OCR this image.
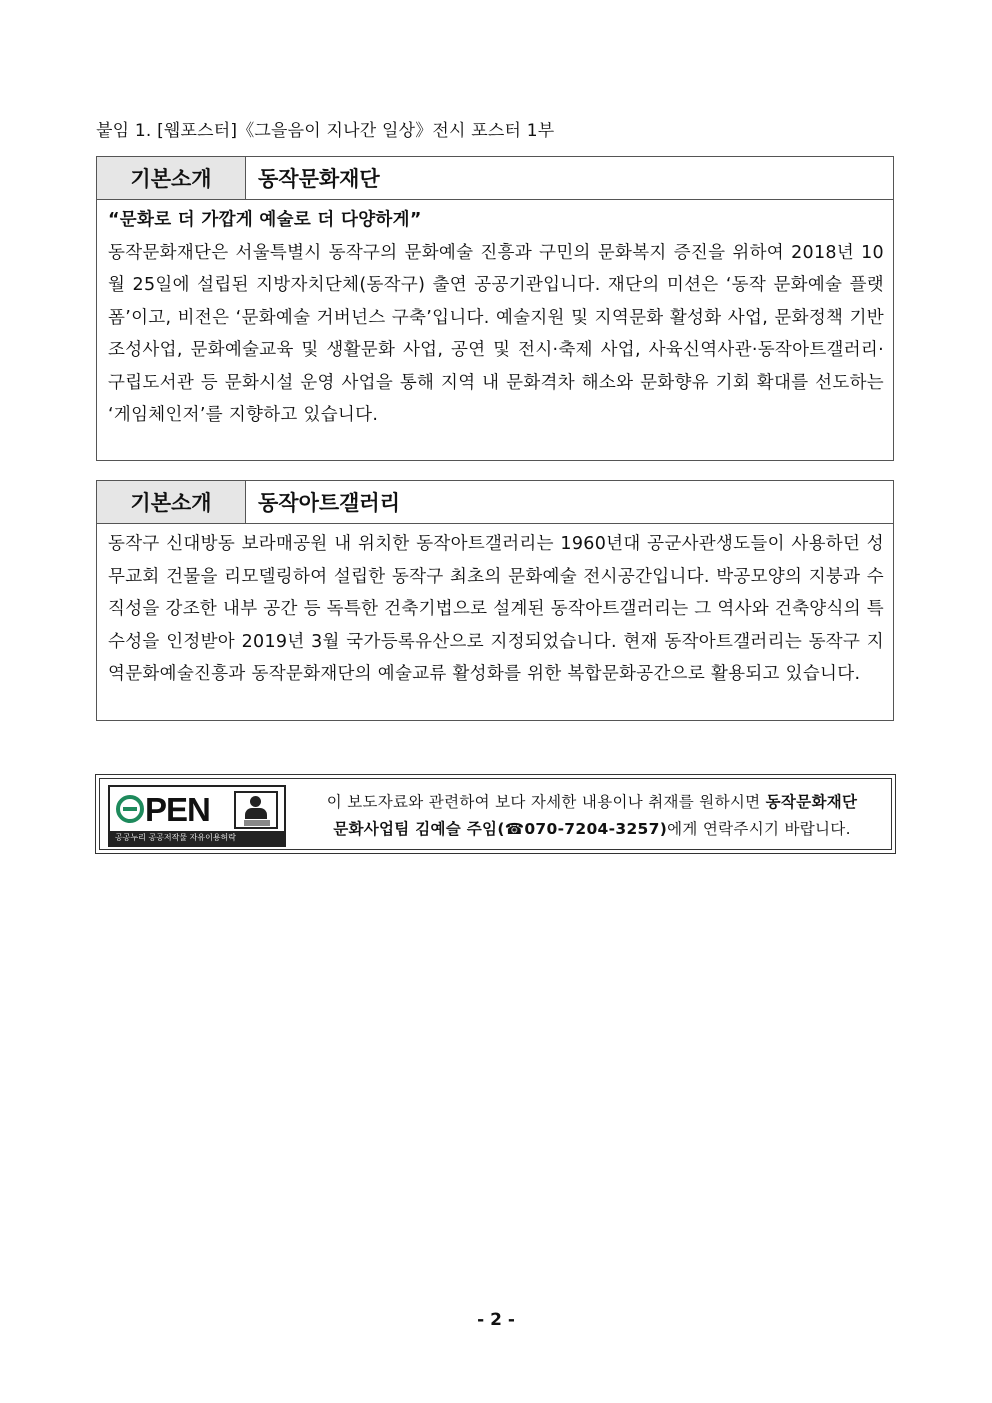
붙임 1. [웹포스터]《그을음이 지나간 일상》전시 포스터 1부
기본소개	동작문화재단
“문화로 더 가깝게 예술로 더 다양하게”
동작문화재단은 서울특별시 동작구의 문화예술 진흥과 구민의 문화복지 증진을 위하여 2018년 10월 25일에 설립된 지방자치단체(동작구) 출연 공공기관입니다. 재단의 미션은 ‘동작 문화예술 플랫폼’이고, 비전은 ‘문화예술 거버넌스 구축’입니다. 예술지원 및 지역문화 활성화 사업, 문화정책 기반 조성사업, 문화예술교육 및 생활문화 사업, 공연 및 전시·축제 사업, 사육신역사관·동작아트갤러리·구립도서관 등 문화시설 운영 사업을 통해 지역 내 문화격차 해소와 문화향유 기회 확대를 선도하는 ‘게임체인저’를 지향하고 있습니다.
기본소개	동작아트갤러리
동작구 신대방동 보라매공원 내 위치한 동작아트갤러리는 1960년대 공군사관생도들이 사용하던 성무교회 건물을 리모델링하여 설립한 동작구 최초의 문화예술 전시공간입니다. 박공모양의 지붕과 수직성을 강조한 내부 공간 등 독특한 건축기법으로 설계된 동작아트갤러리는 그 역사와 건축양식의 특수성을 인정받아 2019년 3월 국가등록유산으로 지정되었습니다. 현재 동작아트갤러리는 동작구 지역문화예술진흥과 동작문화재단의 예술교류 활성화를 위한 복합문화공간으로 활용되고 있습니다.
PEN
공공누리 공공저작물 자유이용허락
이 보도자료와 관련하여 보다 자세한 내용이나 취재를 원하시면 동작문화재단
문화사업팀 김예슬 주임(☎070-7204-3257)에게 연락주시기 바랍니다.
- 2 -
